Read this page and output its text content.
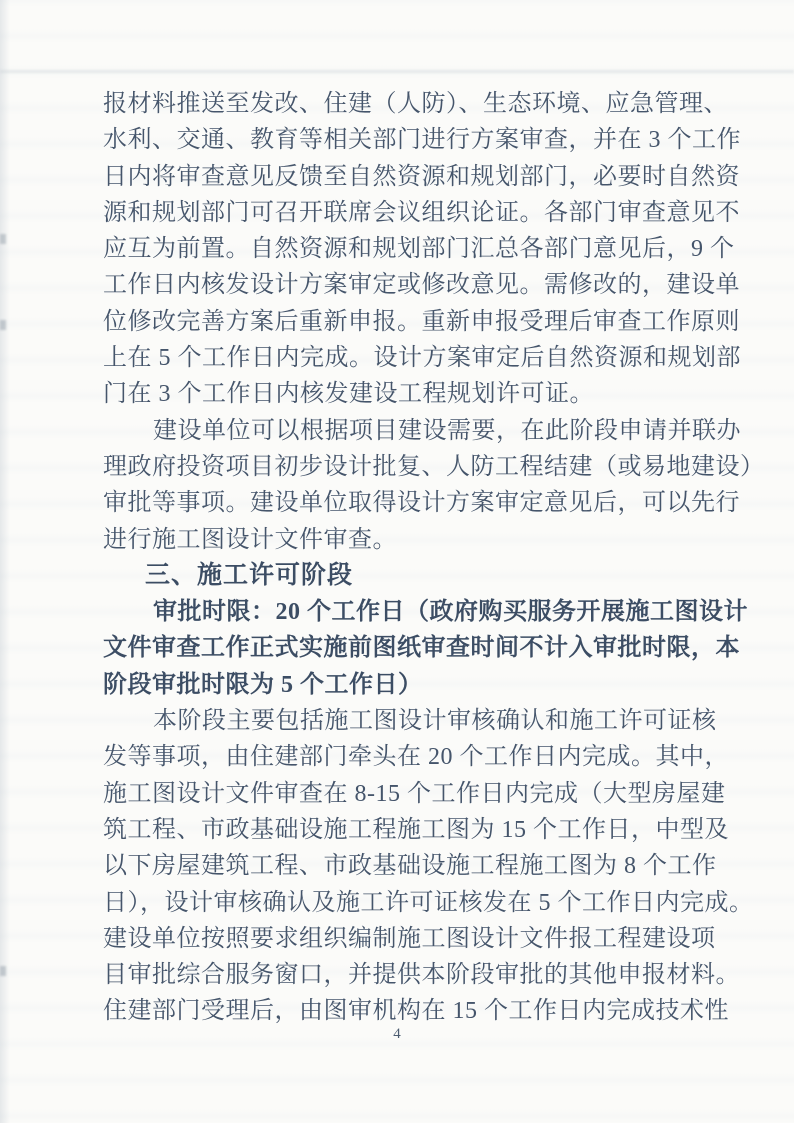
报材料推送至发改、住建（人防）、生态环境、应急管理、
水利、交通、教育等相关部门进行方案审查，并在 3 个工作
日内将审查意见反馈至自然资源和规划部门，必要时自然资
源和规划部门可召开联席会议组织论证。各部门审查意见不
应互为前置。自然资源和规划部门汇总各部门意见后，9 个
工作日内核发设计方案审定或修改意见。需修改的，建设单
位修改完善方案后重新申报。重新申报受理后审查工作原则
上在 5 个工作日内完成。设计方案审定后自然资源和规划部
门在 3 个工作日内核发建设工程规划许可证。
建设单位可以根据项目建设需要，在此阶段申请并联办
理政府投资项目初步设计批复、人防工程结建（或易地建设）
审批等事项。建设单位取得设计方案审定意见后，可以先行
进行施工图设计文件审查。
三、施工许可阶段
审批时限：20 个工作日（政府购买服务开展施工图设计
文件审查工作正式实施前图纸审查时间不计入审批时限，本
阶段审批时限为 5 个工作日）
本阶段主要包括施工图设计审核确认和施工许可证核
发等事项，由住建部门牵头在 20 个工作日内完成。其中，
施工图设计文件审查在 8-15 个工作日内完成（大型房屋建
筑工程、市政基础设施工程施工图为 15 个工作日，中型及
以下房屋建筑工程、市政基础设施工程施工图为 8 个工作
日），设计审核确认及施工许可证核发在 5 个工作日内完成。
建设单位按照要求组织编制施工图设计文件报工程建设项
目审批综合服务窗口，并提供本阶段审批的其他申报材料。
住建部门受理后，由图审机构在 15 个工作日内完成技术性
4
